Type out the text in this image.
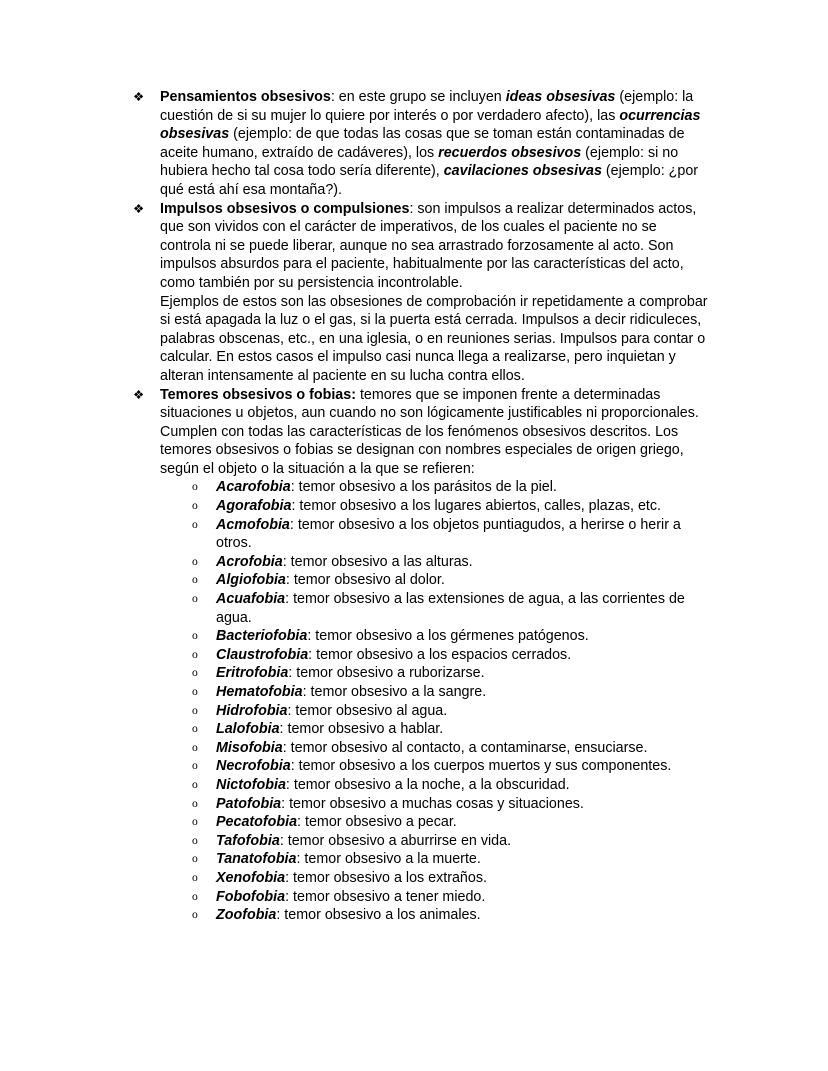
❖ Pensamientos obsesivos: en este grupo se incluyen ideas obsesivas (ejemplo: la cuestión de si su mujer lo quiere por interés o por verdadero afecto), las ocurrencias obsesivas (ejemplo: de que todas las cosas que se toman están contaminadas de aceite humano, extraído de cadáveres), los recuerdos obsesivos (ejemplo: si no hubiera hecho tal cosa todo sería diferente), cavilaciones obsesivas (ejemplo: ¿por qué está ahí esa montaña?).

❖ Impulsos obsesivos o compulsiones: son impulsos a realizar determinados actos, que son vividos con el carácter de imperativos, de los cuales el paciente no se controla ni se puede liberar, aunque no sea arrastrado forzosamente al acto. Son impulsos absurdos para el paciente, habitualmente por las características del acto, como también por su persistencia incontrolable.

Ejemplos de estos son las obsesiones de comprobación ir repetidamente a comprobar si está apagada la luz o el gas, si la puerta está cerrada. Impulsos a decir ridiculeces, palabras obscenas, etc., en una iglesia, o en reuniones serias. Impulsos para contar o calcular. En estos casos el impulso casi nunca llega a realizarse, pero inquietan y alteran intensamente al paciente en su lucha contra ellos.

❖ Temores obsesivos o fobias: temores que se imponen frente a determinadas situaciones u objetos, aun cuando no son lógicamente justificables ni proporcionales. Cumplen con todas las características de los fenómenos obsesivos descritos. Los temores obsesivos o fobias se designan con nombres especiales de origen griego, según el objeto o la situación a la que se refieren:

o	Acarofobia: temor obsesivo a los parásitos de la piel.
o	Agorafobia: temor obsesivo a los lugares abiertos, calles, plazas, etc.
o	Acmofobia: temor obsesivo a los objetos puntiagudos, a herirse o herir a otros.
o	Acrofobia: temor obsesivo a las alturas.
o	Algiofobia: temor obsesivo al dolor.
o	Acuafobia: temor obsesivo a las extensiones de agua, a las corrientes de agua.
o	Bacteriofobia: temor obsesivo a los gérmenes patógenos.
o	Claustrofobia: temor obsesivo a los espacios cerrados.
o	Eritrofobia: temor obsesivo a ruborizarse.
o	Hematofobia: temor obsesivo a la sangre.
o	Hidrofobia: temor obsesivo al agua.
o	Lalofobia: temor obsesivo a hablar.
o	Misofobia: temor obsesivo al contacto, a contaminarse, ensuciarse.
o	Necrofobia: temor obsesivo a los cuerpos muertos y sus componentes.
o	Nictofobia: temor obsesivo a la noche, a la obscuridad.
o	Patofobia: temor obsesivo a muchas cosas y situaciones.
o	Pecatofobia: temor obsesivo a pecar.
o	Tafofobia: temor obsesivo a aburrirse en vida.
o	Tanatofobia: temor obsesivo a la muerte.
o	Xenofobia: temor obsesivo a los extraños.
o	Fobofobia: temor obsesivo a tener miedo.
o	Zoofobia: temor obsesivo a los animales.
